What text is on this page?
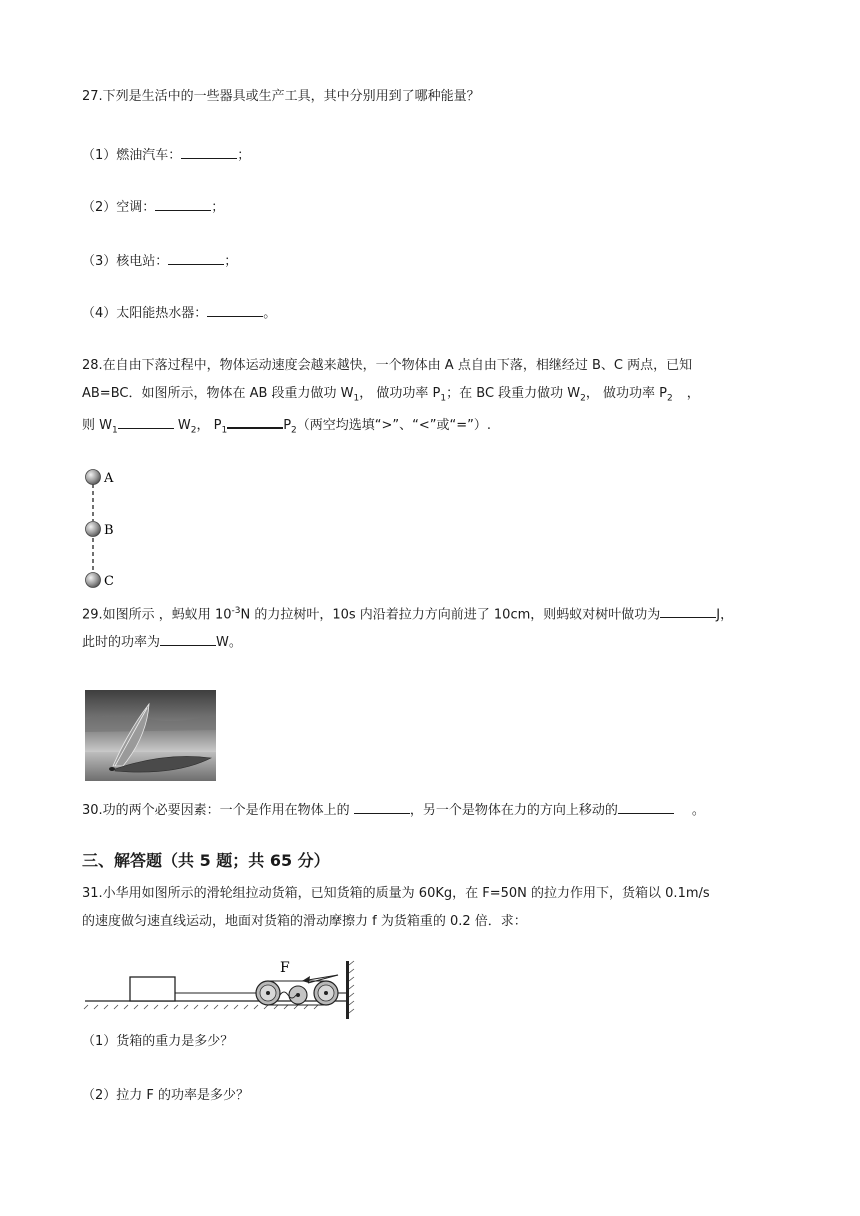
27.下列是生活中的一些器具或生产工具，其中分别用到了哪种能量？
（1）燃油汽车：	；
（2）空调：	；
（3）核电站：	；
（4）太阳能热水器：	。
28.在自由下落过程中，物体运动速度会越来越快，一个物体由 A 点自由下落，相继经过 B、C 两点，已知
AB=BC．如图所示，物体在 AB 段重力做功 $W_1$， 做功功率 $P_1$；在 BC 段重力做功 $W_2$， 做功功率 $P_2$ ，
则 $W_1$	$W_2$， $P_1$	$P_2$（两空均选填“>”、“<”或“=”）.
A
B
C
29.如图所示 ，蚂蚁用 $10^{-3}N$ 的力拉树叶，10s 内沿着拉力方向前进了 10cm，则蚂蚁对树叶做功为	J，
此时的功率为	W。
30.功的两个必要因素：一个是作用在物体上的	，另一个是物体在力的方向上移动的	。
三、解答题（共 5 题；共 65 分）
31.小华用如图所示的滑轮组拉动货箱，已知货箱的质量为 60Kg，在 F=50N 的拉力作用下，货箱以 0.1m/s
的速度做匀速直线运动，地面对货箱的滑动摩擦力 f 为货箱重的 0.2 倍．求：
F
（1）货箱的重力是多少？
（2）拉力 F 的功率是多少？
